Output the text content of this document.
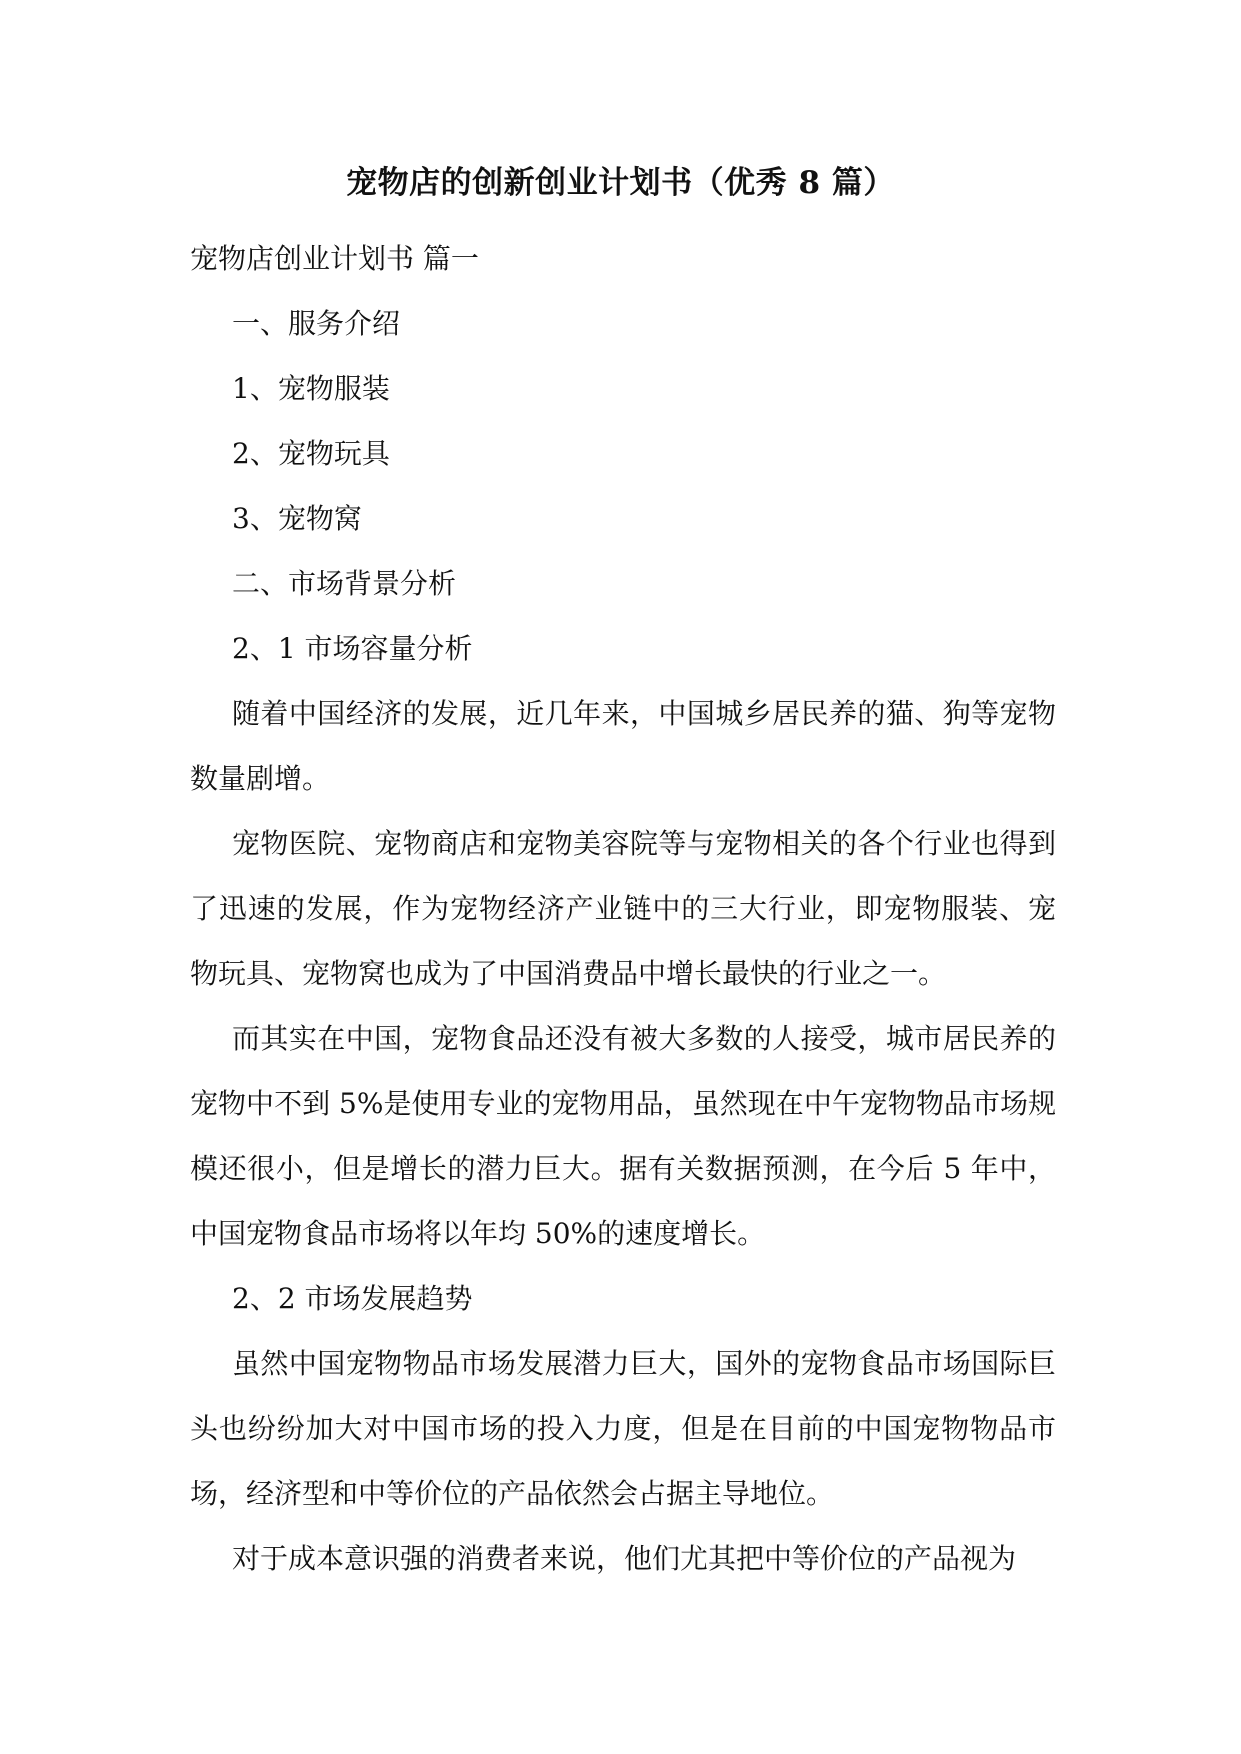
宠物店的创新创业计划书（优秀 8 篇）
宠物店创业计划书 篇一
一、服务介绍
1、宠物服装
2、宠物玩具
3、宠物窝
二、市场背景分析
2、1 市场容量分析
随着中国经济的发展，近几年来，中国城乡居民养的猫、狗等宠物数量剧增。
宠物医院、宠物商店和宠物美容院等与宠物相关的各个行业也得到了迅速的发展，作为宠物经济产业链中的三大行业，即宠物服装、宠物玩具、宠物窝也成为了中国消费品中增长最快的行业之一。
而其实在中国，宠物食品还没有被大多数的人接受，城市居民养的宠物中不到 5%是使用专业的宠物用品，虽然现在中午宠物物品市场规模还很小，但是增长的潜力巨大。据有关数据预测，在今后 5 年中，中国宠物食品市场将以年均 50%的速度增长。
2、2 市场发展趋势
虽然中国宠物物品市场发展潜力巨大，国外的宠物食品市场国际巨头也纷纷加大对中国市场的投入力度，但是在目前的中国宠物物品市场，经济型和中等价位的产品依然会占据主导地位。
对于成本意识强的消费者来说，他们尤其把中等价位的产品视为
